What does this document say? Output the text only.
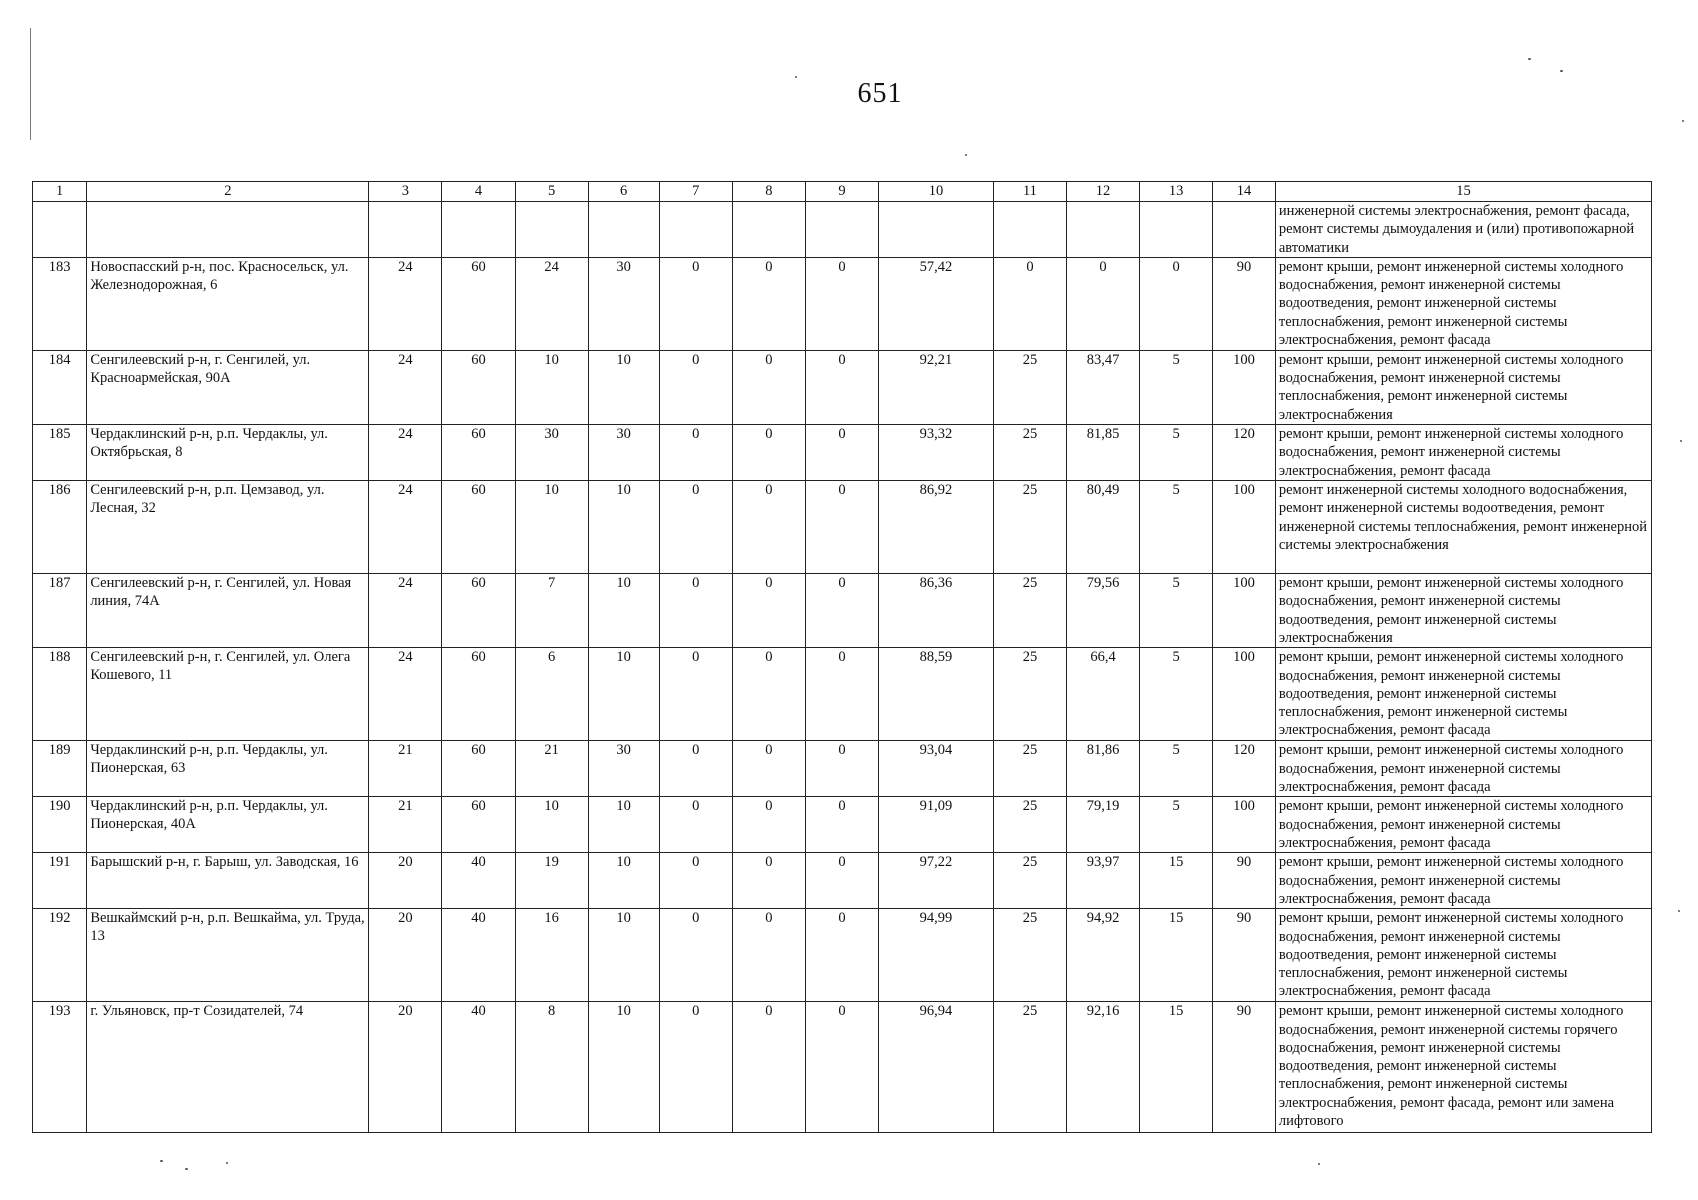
651
1	2	3	4	5	6	7	8	9	10	11	12	13	14	15
														инженерной системы электроснабжения, ремонт фасада, ремонт системы дымоудаления и (или) противопожарной автоматики
183	Новоспасский р-н, пос. Красносельск, ул. Железнодорожная, 6	24	60	24	30	0	0	0	57,42	0	0	0	90	ремонт крыши, ремонт инженерной системы холодного водоснабжения, ремонт инженерной системы водоотведения, ремонт инженерной системы теплоснабжения, ремонт инженерной системы электроснабжения, ремонт фасада
184	Сенгилеевский р-н, г. Сенгилей, ул. Красноармейская, 90А	24	60	10	10	0	0	0	92,21	25	83,47	5	100	ремонт крыши, ремонт инженерной системы холодного водоснабжения, ремонт инженерной системы теплоснабжения, ремонт инженерной системы электроснабжения
185	Чердаклинский р-н, р.п. Чердаклы, ул. Октябрьская, 8	24	60	30	30	0	0	0	93,32	25	81,85	5	120	ремонт крыши, ремонт инженерной системы холодного водоснабжения, ремонт инженерной системы электроснабжения, ремонт фасада
186	Сенгилеевский р-н, р.п. Цемзавод, ул. Лесная, 32	24	60	10	10	0	0	0	86,92	25	80,49	5	100	ремонт инженерной системы холодного водоснабжения, ремонт инженерной системы водоотведения, ремонт инженерной системы теплоснабжения, ремонт инженерной системы электроснабжения
187	Сенгилеевский р-н, г. Сенгилей, ул. Новая линия, 74А	24	60	7	10	0	0	0	86,36	25	79,56	5	100	ремонт крыши, ремонт инженерной системы холодного водоснабжения, ремонт инженерной системы водоотведения, ремонт инженерной системы электроснабжения
188	Сенгилеевский р-н, г. Сенгилей, ул. Олега Кошевого, 11	24	60	6	10	0	0	0	88,59	25	66,4	5	100	ремонт крыши, ремонт инженерной системы холодного водоснабжения, ремонт инженерной системы водоотведения, ремонт инженерной системы теплоснабжения, ремонт инженерной системы электроснабжения, ремонт фасада
189	Чердаклинский р-н, р.п. Чердаклы, ул. Пионерская, 63	21	60	21	30	0	0	0	93,04	25	81,86	5	120	ремонт крыши, ремонт инженерной системы холодного водоснабжения, ремонт инженерной системы электроснабжения, ремонт фасада
190	Чердаклинский р-н, р.п. Чердаклы, ул. Пионерская, 40А	21	60	10	10	0	0	0	91,09	25	79,19	5	100	ремонт крыши, ремонт инженерной системы холодного водоснабжения, ремонт инженерной системы электроснабжения, ремонт фасада
191	Барышский р-н, г. Барыш, ул. Заводская, 16	20	40	19	10	0	0	0	97,22	25	93,97	15	90	ремонт крыши, ремонт инженерной системы холодного водоснабжения, ремонт инженерной системы электроснабжения, ремонт фасада
192	Вешкаймский р-н, р.п. Вешкайма, ул. Труда, 13	20	40	16	10	0	0	0	94,99	25	94,92	15	90	ремонт крыши, ремонт инженерной системы холодного водоснабжения, ремонт инженерной системы водоотведения, ремонт инженерной системы теплоснабжения, ремонт инженерной системы электроснабжения, ремонт фасада
193	г. Ульяновск, пр-т Созидателей, 74	20	40	8	10	0	0	0	96,94	25	92,16	15	90	ремонт крыши, ремонт инженерной системы холодного водоснабжения, ремонт инженерной системы горячего водоснабжения, ремонт инженерной системы водоотведения, ремонт инженерной системы теплоснабжения, ремонт инженерной системы электроснабжения, ремонт фасада, ремонт или замена лифтового
